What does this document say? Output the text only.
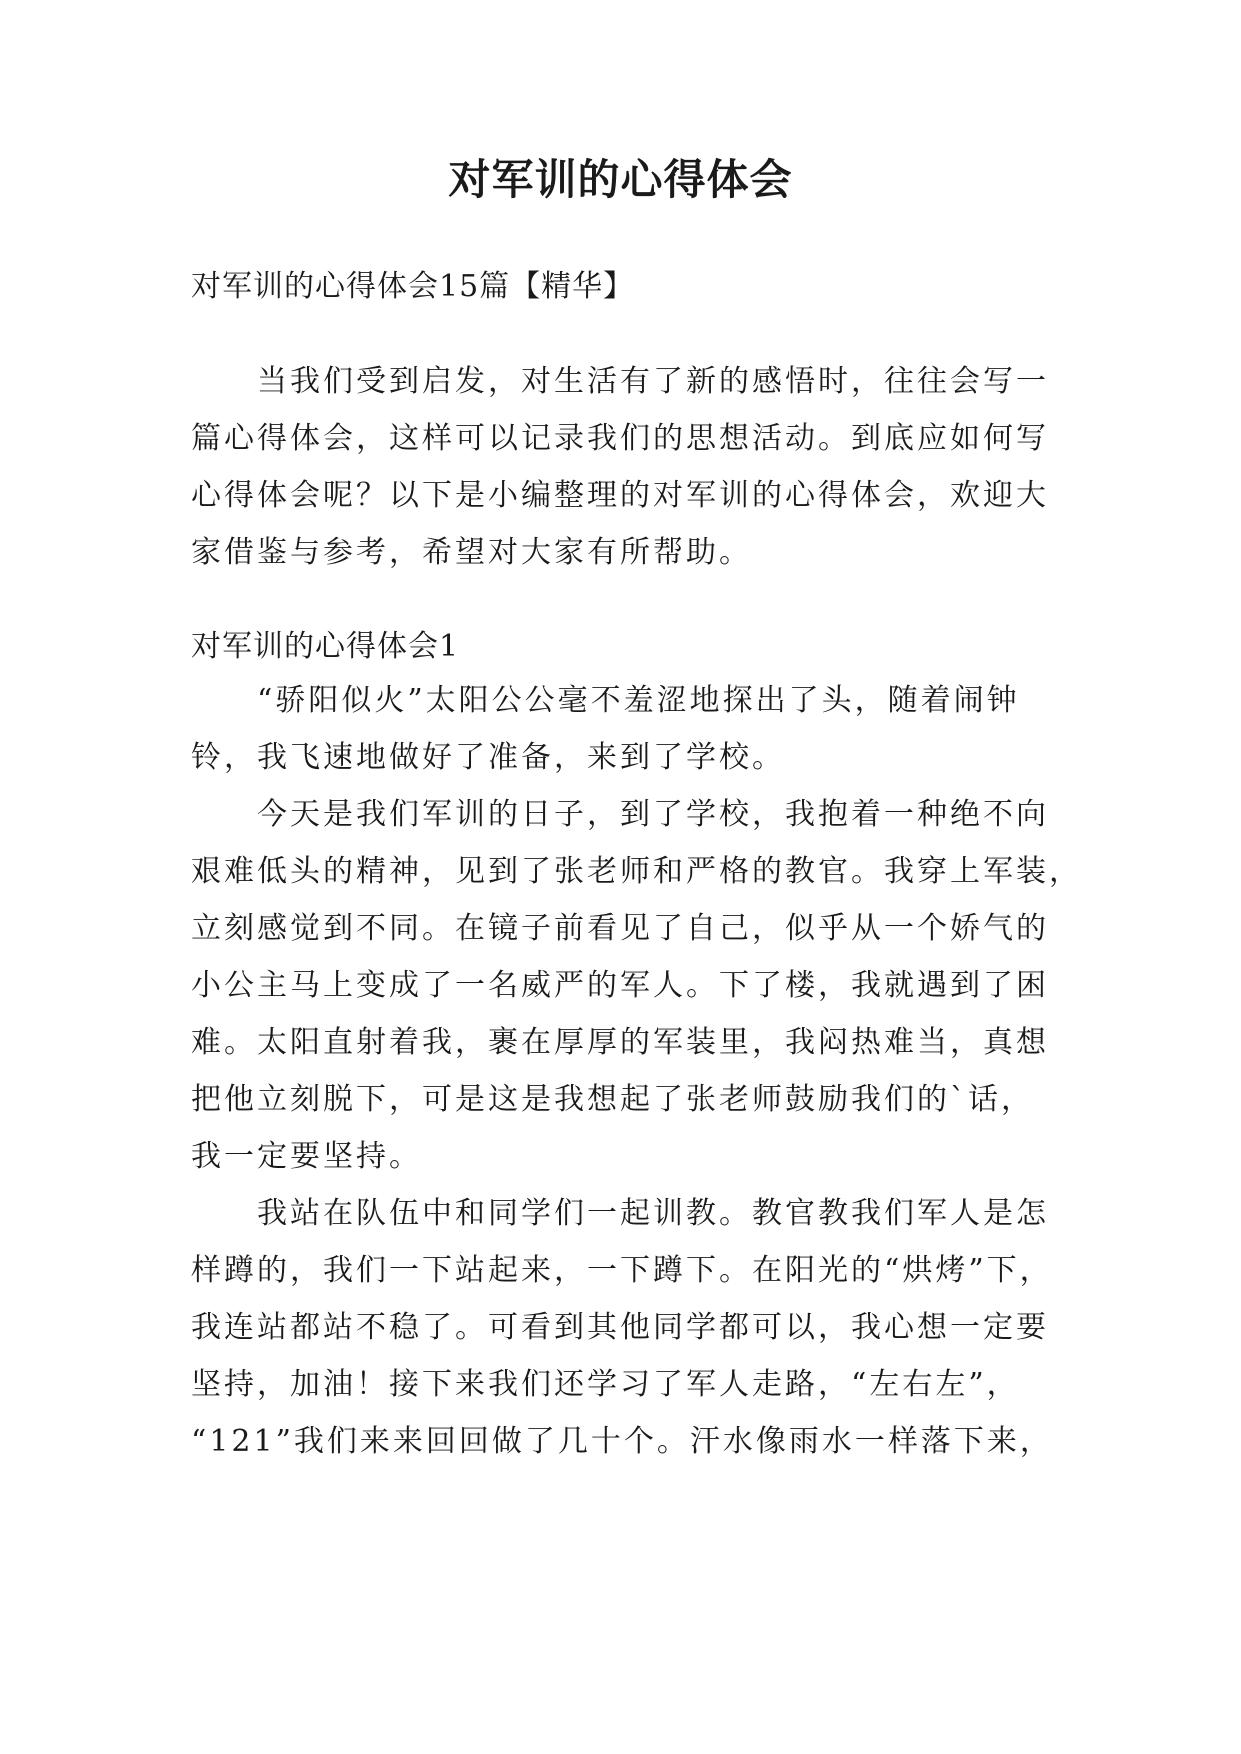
对军训的心得体会
对军训的心得体会15篇【精华】
　　当我们受到启发，对生活有了新的感悟时，往往会写一
篇心得体会，这样可以记录我们的思想活动。到底应如何写
心得体会呢？以下是小编整理的对军训的心得体会，欢迎大
家借鉴与参考，希望对大家有所帮助。
对军训的心得体会1
　　“骄阳似火”太阳公公毫不羞涩地探出了头，随着闹钟
铃，我飞速地做好了准备，来到了学校。
　　今天是我们军训的日子，到了学校，我抱着一种绝不向
艰难低头的精神，见到了张老师和严格的教官。我穿上军装，
立刻感觉到不同。在镜子前看见了自己，似乎从一个娇气的
小公主马上变成了一名威严的军人。下了楼，我就遇到了困
难。太阳直射着我，裹在厚厚的军装里，我闷热难当，真想
把他立刻脱下，可是这是我想起了张老师鼓励我们的`话，
我一定要坚持。
　　我站在队伍中和同学们一起训教。教官教我们军人是怎
样蹲的，我们一下站起来，一下蹲下。在阳光的“烘烤”下，
我连站都站不稳了。可看到其他同学都可以，我心想一定要
坚持，加油！接下来我们还学习了军人走路，“左右左”，
“121”我们来来回回做了几十个。汗水像雨水一样落下来，
